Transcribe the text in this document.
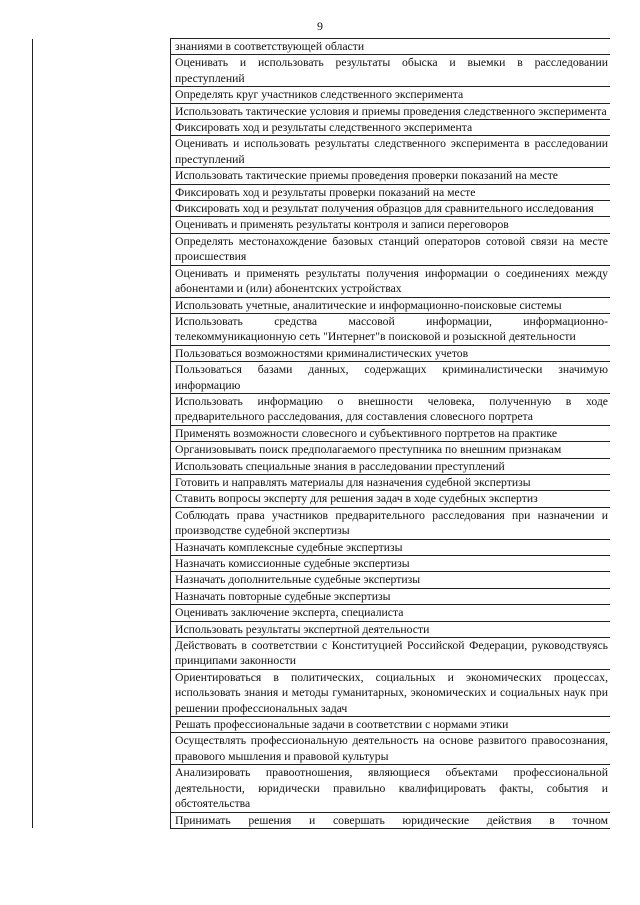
9
	знаниями в соответствующей области
	Оценивать и использовать результаты обыска и выемки в расследовании преступлений
	Определять круг участников следственного эксперимента
	Использовать тактические условия и приемы проведения следственного эксперимента
	Фиксировать ход и результаты следственного эксперимента
	Оценивать и использовать результаты следственного эксперимента в расследовании преступлений
	Использовать тактические приемы проведения проверки показаний на месте
	Фиксировать ход и результаты проверки показаний на месте
	Фиксировать ход и результат получения образцов для сравнительного исследования
	Оценивать и применять результаты контроля и записи переговоров
	Определять местонахождение базовых станций операторов сотовой связи на месте происшествия
	Оценивать и применять результаты получения информации о соединениях между абонентами и (или) абонентских устройствах
	Использовать учетные, аналитические и информационно-поисковые системы
	Использовать средства массовой информации, информационно-телекоммуникационную сеть "Интернет"в поисковой и розыскной деятельности
	Пользоваться возможностями криминалистических учетов
	Пользоваться базами данных, содержащих криминалистически значимую информацию
	Использовать информацию о внешности человека, полученную в ходе предварительного расследования, для составления словесного портрета
	Применять возможности словесного и субъективного портретов на практике
	Организовывать поиск предполагаемого преступника по внешним признакам
	Использовать специальные знания в расследовании преступлений
	Готовить и направлять материалы для назначения судебной экспертизы
	Ставить вопросы эксперту для решения задач в ходе судебных экспертиз
	Соблюдать права участников предварительного расследования при назначении и производстве судебной экспертизы
	Назначать комплексные судебные экспертизы
	Назначать комиссионные судебные экспертизы
	Назначать дополнительные судебные экспертизы
	Назначать повторные судебные экспертизы
	Оценивать заключение эксперта, специалиста
	Использовать результаты экспертной деятельности
	Действовать в соответствии с Конституцией Российской Федерации, руководствуясь принципами законности
	Ориентироваться в политических, социальных и экономических процессах, использовать знания и методы гуманитарных, экономических и социальных наук при решении профессиональных задач
	Решать профессиональные задачи в соответствии с нормами этики
	Осуществлять профессиональную деятельность на основе развитого правосознания, правового мышления и правовой культуры
	Анализировать правоотношения, являющиеся объектами профессиональной деятельности, юридически правильно квалифицировать факты, события и обстоятельства
	Принимать решения и совершать юридические действия в точном
